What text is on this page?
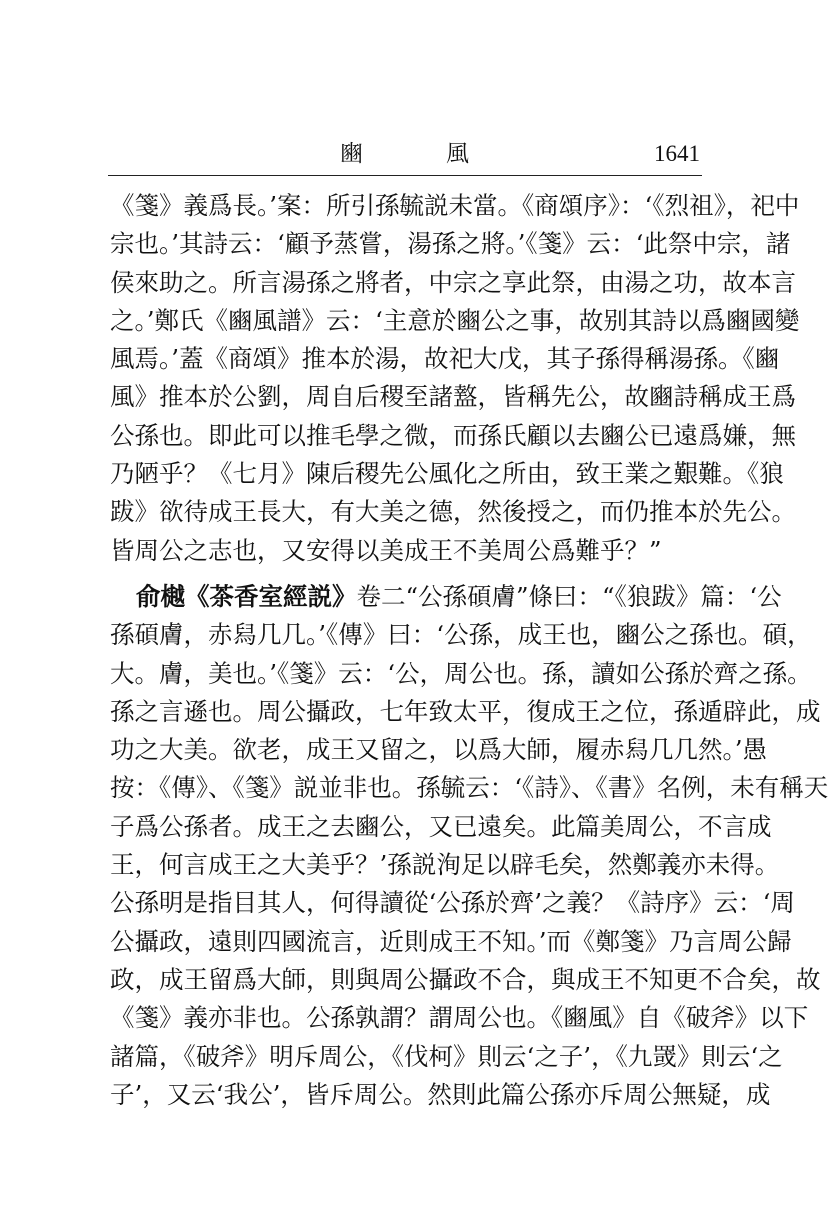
豳　風	1641
《箋》義爲長。’案：所引孫毓説未當。《商頌序》：‘《烈祖》，祀中
宗也。’其詩云：‘顧予蒸嘗，湯孫之將。’《箋》云：‘此祭中宗，諸
侯來助之。所言湯孫之將者，中宗之享此祭，由湯之功，故本言
之。’鄭氏《豳風譜》云：‘主意於豳公之事，故别其詩以爲豳國變
風焉。’蓋《商頌》推本於湯，故祀大戊，其子孫得稱湯孫。《豳
風》推本於公劉，周自后稷至諸盩，皆稱先公，故豳詩稱成王爲
公孫也。即此可以推毛學之微，而孫氏顧以去豳公已遠爲嫌，無
乃陋乎？《七月》陳后稷先公風化之所由，致王業之艱難。《狼
跋》欲待成王長大，有大美之德，然後授之，而仍推本於先公。
皆周公之志也，又安得以美成王不美周公爲難乎？”
俞樾《茶香室經説》卷二“公孫碩膚”條曰：“《狼跋》篇：‘公
孫碩膚，赤舄几几。’《傳》曰：‘公孫，成王也，豳公之孫也。碩，
大。膚，美也。’《箋》云：‘公，周公也。孫，讀如公孫於齊之孫。
孫之言遜也。周公攝政，七年致太平，復成王之位，孫遁辟此，成
功之大美。欲老，成王又留之，以爲大師，履赤舄几几然。’愚
按：《傳》、《箋》説並非也。孫毓云：‘《詩》、《書》名例，未有稱天
子爲公孫者。成王之去豳公，又已遠矣。此篇美周公，不言成
王，何言成王之大美乎？’孫説洵足以辟毛矣，然鄭義亦未得。
公孫明是指目其人，何得讀從‘公孫於齊’之義？《詩序》云：‘周
公攝政，遠則四國流言，近則成王不知。’而《鄭箋》乃言周公歸
政，成王留爲大師，則與周公攝政不合，與成王不知更不合矣，故
《箋》義亦非也。公孫孰謂？謂周公也。《豳風》自《破斧》以下
諸篇，《破斧》明斥周公，《伐柯》則云‘之子’，《九罭》則云‘之
子’，又云‘我公’，皆斥周公。然則此篇公孫亦斥周公無疑，成
